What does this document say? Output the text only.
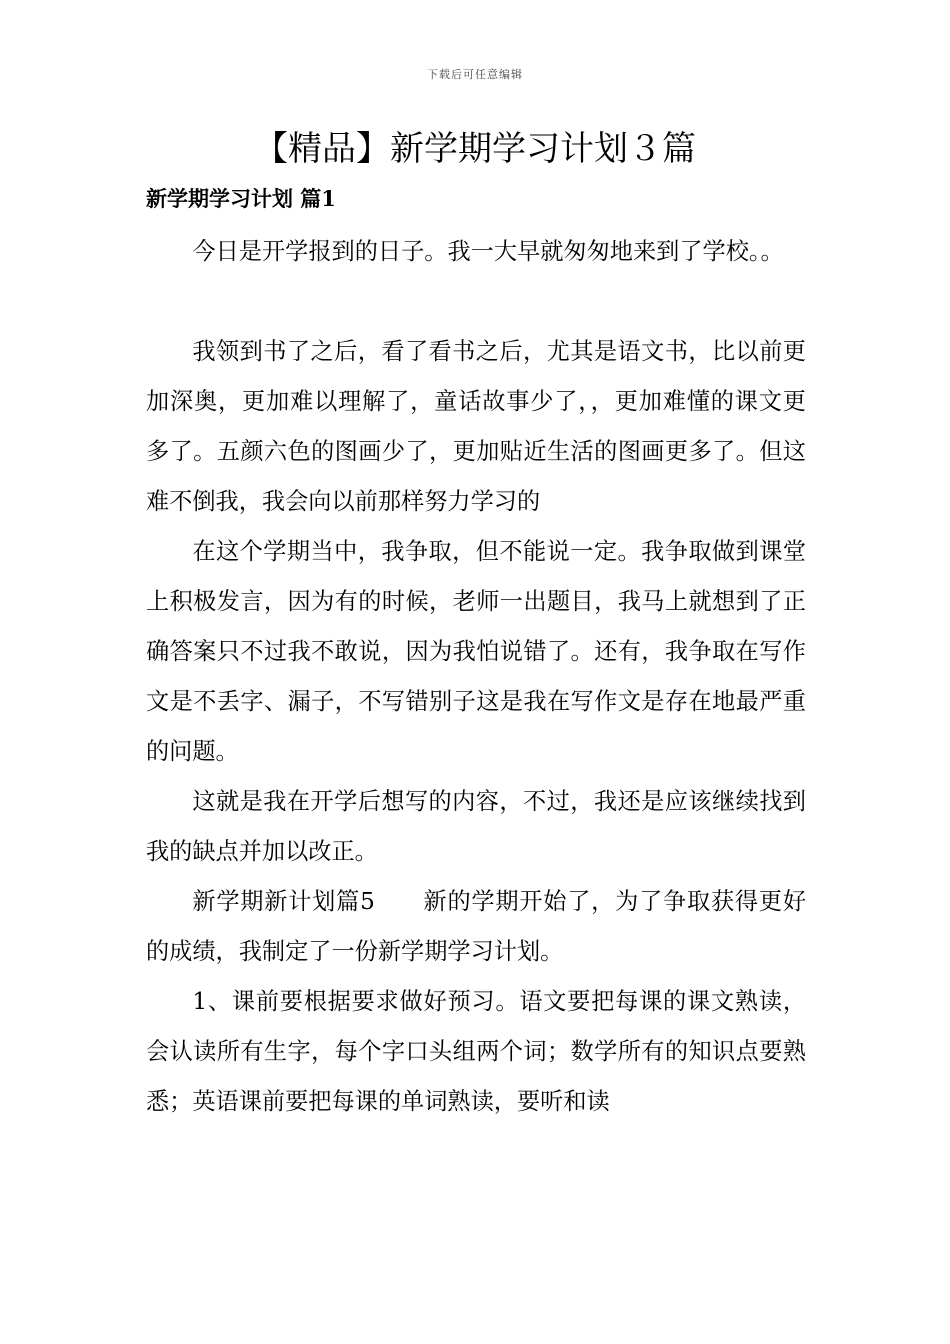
下载后可任意编辑
【精品】新学期学习计划３篇
新学期学习计划 篇1

今日是开学报到的日子。我一大早就匆匆地来到了学校。。

我领到书了之后，看了看书之后，尤其是语文书，比以前更加深奥，更加难以理解了，童话故事少了，，更加难懂的课文更多了。五颜六色的图画少了，更加贴近生活的图画更多了。但这难不倒我，我会向以前那样努力学习的

在这个学期当中，我争取，但不能说一定。我争取做到课堂上积极发言，因为有的时候，老师一出题目，我马上就想到了正确答案只不过我不敢说，因为我怕说错了。还有，我争取在写作文是不丢字、漏子，不写错别子这是我在写作文是存在地最严重的问题。

这就是我在开学后想写的内容，不过，我还是应该继续找到我的缺点并加以改正。

新学期新计划篇5　　新的学期开始了，为了争取获得更好的成绩，我制定了一份新学期学习计划。

1、课前要根据要求做好预习。语文要把每课的课文熟读，会认读所有生字，每个字口头组两个词；数学所有的知识点要熟悉；英语课前要把每课的单词熟读，要听和读
